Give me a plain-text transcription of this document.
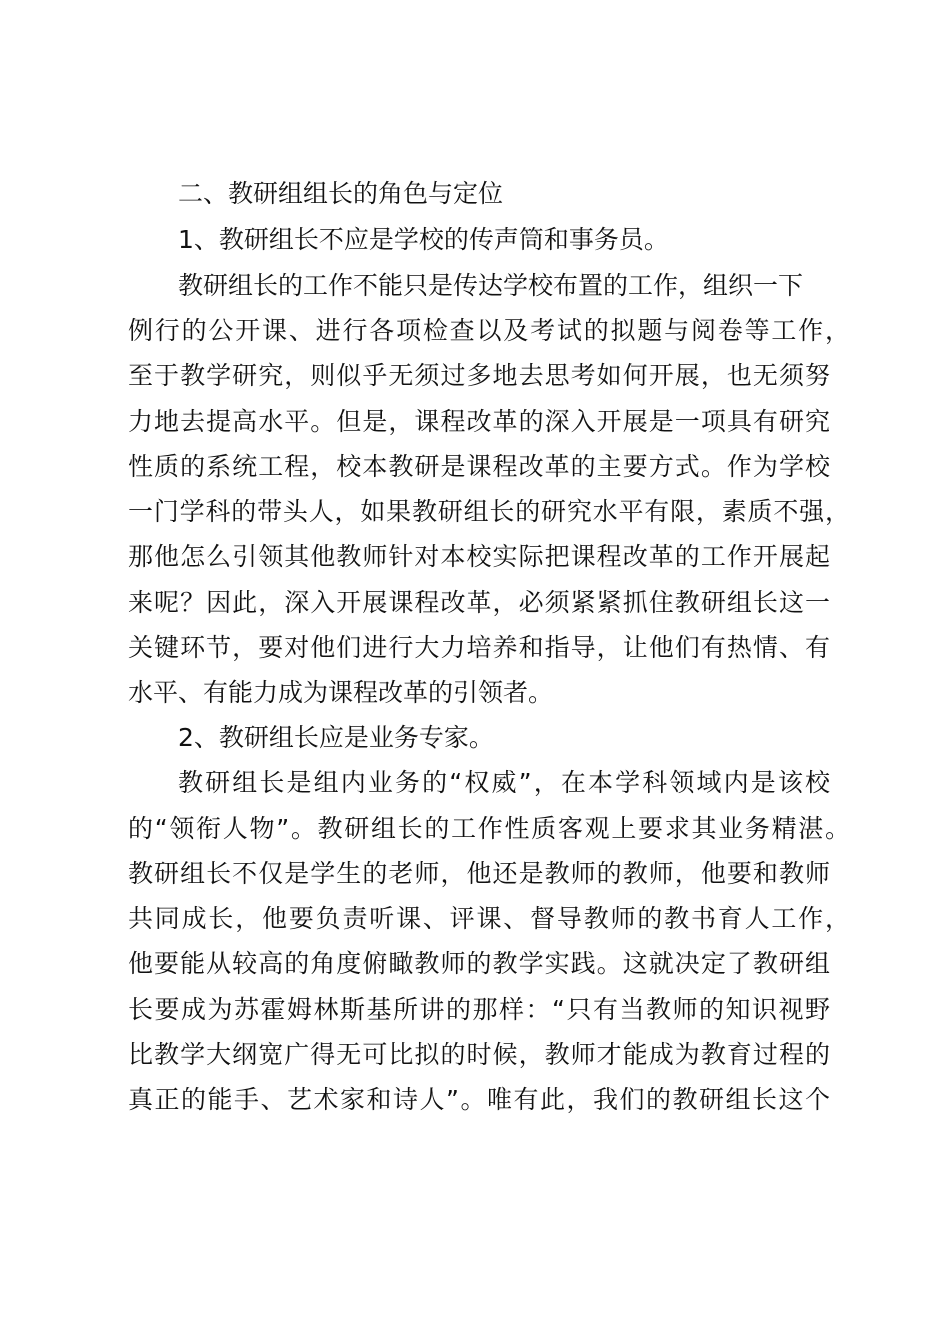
二、教研组组长的角色与定位
1、教研组长不应是学校的传声筒和事务员。
教研组长的工作不能只是传达学校布置的工作，组织一下
例行的公开课、进行各项检查以及考试的拟题与阅卷等工作，
至于教学研究，则似乎无须过多地去思考如何开展，也无须努
力地去提高水平。但是，课程改革的深入开展是一项具有研究
性质的系统工程，校本教研是课程改革的主要方式。作为学校
一门学科的带头人，如果教研组长的研究水平有限，素质不强，
那他怎么引领其他教师针对本校实际把课程改革的工作开展起
来呢？因此，深入开展课程改革，必须紧紧抓住教研组长这一
关键环节，要对他们进行大力培养和指导，让他们有热情、有
水平、有能力成为课程改革的引领者。
2、教研组长应是业务专家。
教研组长是组内业务的“权威”，在本学科领域内是该校
的“领衔人物”。教研组长的工作性质客观上要求其业务精湛。
教研组长不仅是学生的老师，他还是教师的教师，他要和教师
共同成长，他要负责听课、评课、督导教师的教书育人工作，
他要能从较高的角度俯瞰教师的教学实践。这就决定了教研组
长要成为苏霍姆林斯基所讲的那样：“只有当教师的知识视野
比教学大纲宽广得无可比拟的时候，教师才能成为教育过程的
真正的能手、艺术家和诗人”。唯有此，我们的教研组长这个
